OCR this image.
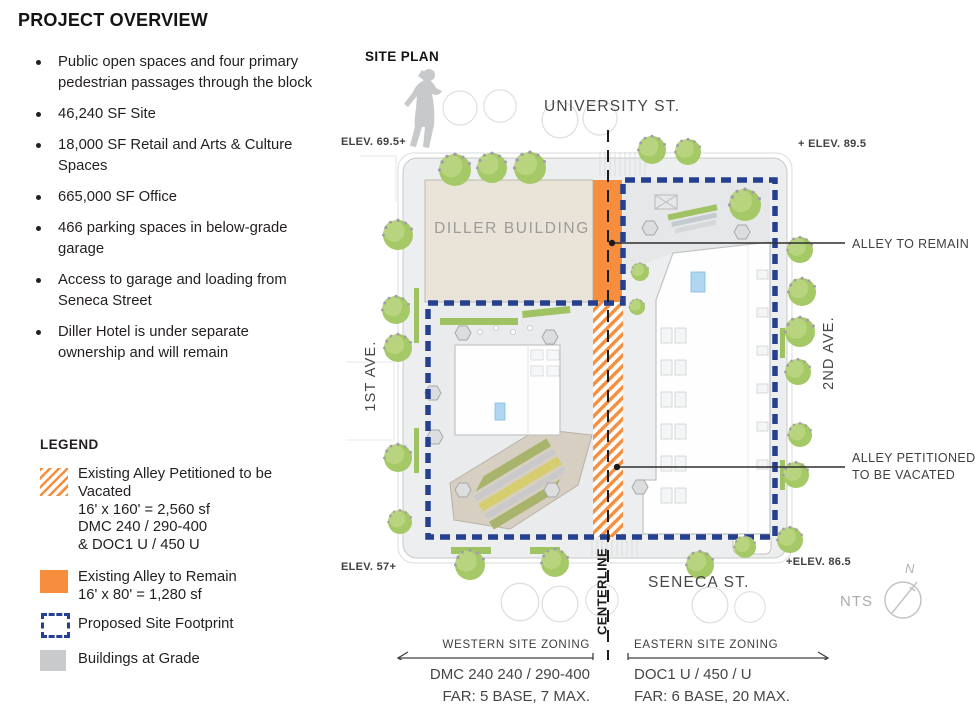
PROJECT OVERVIEW
Public open spaces and four primary pedestrian passages through the block
46,240 SF Site
18,000 SF Retail and Arts & Culture Spaces
665,000 SF Office
466 parking spaces in below-grade garage
Access to garage and loading from Seneca Street
Diller Hotel is under separate ownership and will remain
LEGEND
Existing Alley Petitioned to be Vacated
16' x 160' = 2,560 sf
DMC 240 / 290-400
& DOC1 U / 450 U
Existing Alley to Remain
16' x 80' = 1,280 sf
Proposed Site Footprint
Buildings at Grade
SITE PLAN
UNIVERSITY ST.
SENECA ST.
1ST AVE.	2ND AVE.
ELEV. 69.5+	+ ELEV. 89.5
ELEV. 57+	+ELEV. 86.5
DILLER BUILDING
CENTERLINE
ALLEY TO REMAIN
ALLEY PETITIONED
TO BE VACATED
NTS
N
WESTERN SITE ZONING	EASTERN SITE ZONING
DMC 240 240 / 290-400
FAR: 5 BASE, 7 MAX.
DOC1 U / 450 / U
FAR: 6 BASE, 20 MAX.
